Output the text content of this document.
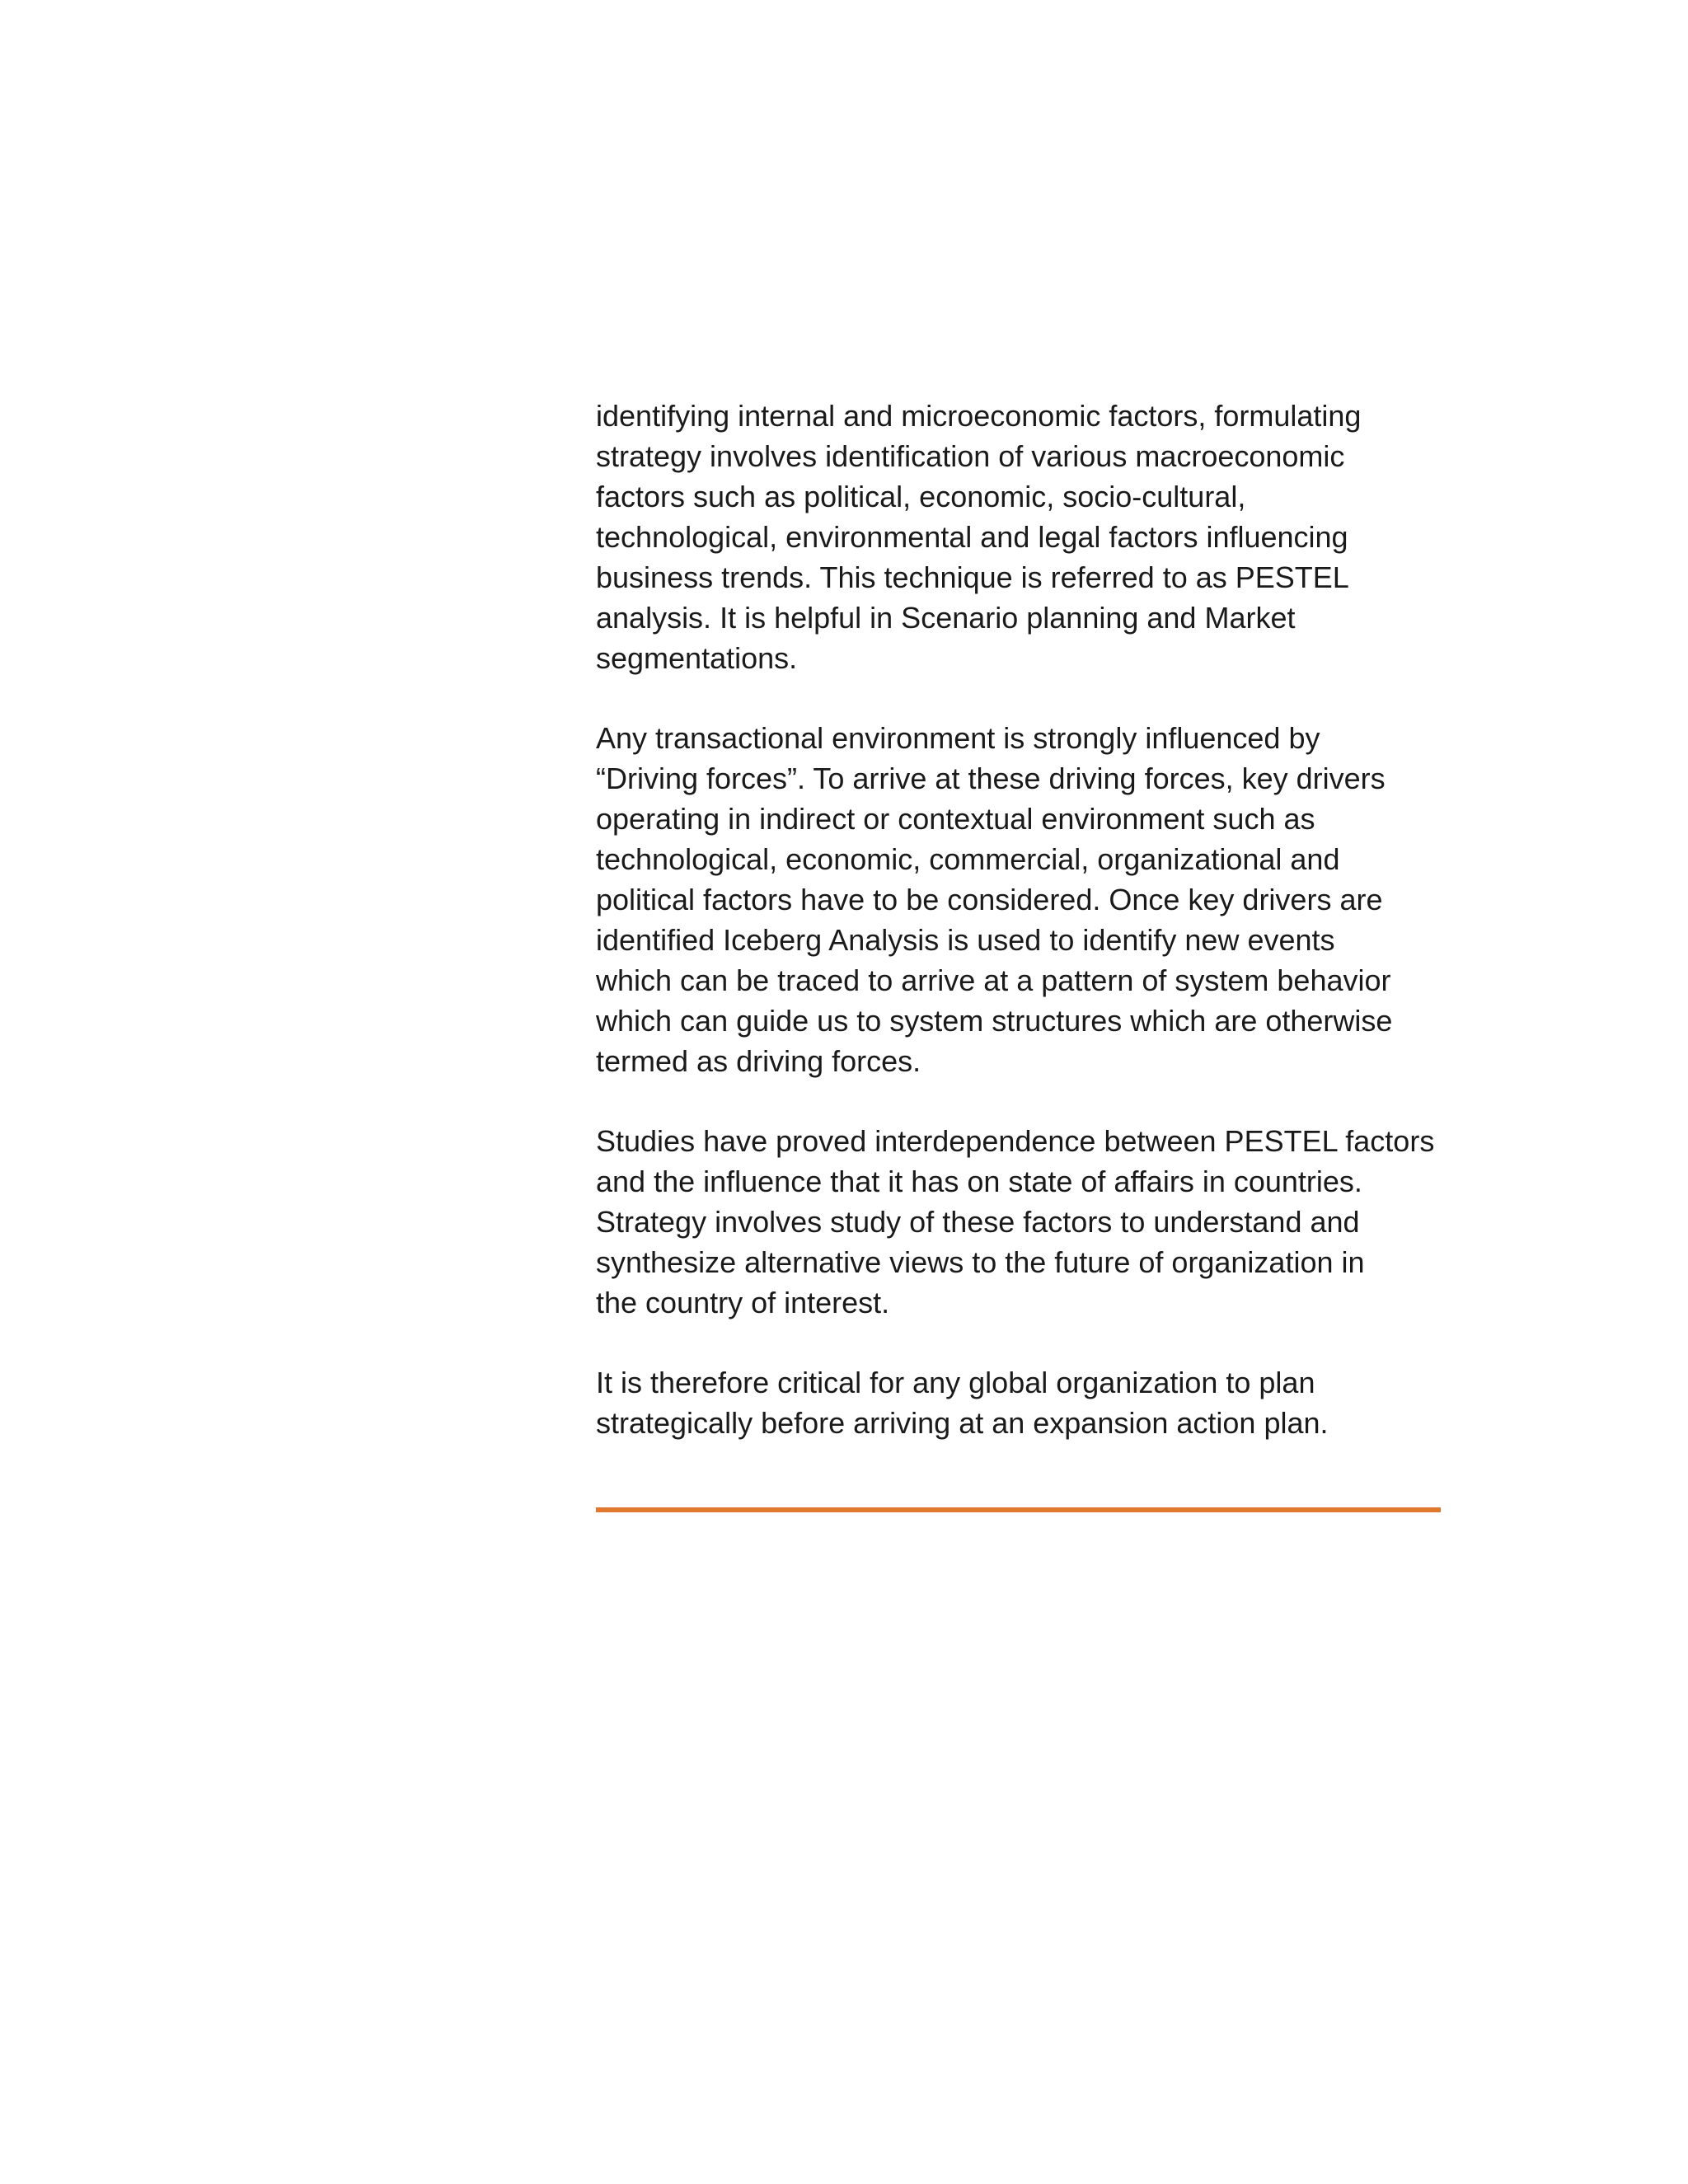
identifying internal and microeconomic factors, formulating
strategy involves identification of various macroeconomic
factors such as political, economic, socio-cultural,
technological, environmental and legal factors influencing
business trends. This technique is referred to as PESTEL
analysis. It is helpful in Scenario planning and Market
segmentations.

Any transactional environment is strongly influenced by
“Driving forces”. To arrive at these driving forces, key drivers
operating in indirect or contextual environment such as
technological, economic, commercial, organizational and
political factors have to be considered. Once key drivers are
identified Iceberg Analysis is used to identify new events
which can be traced to arrive at a pattern of system behavior
which can guide us to system structures which are otherwise
termed as driving forces.

Studies have proved interdependence between PESTEL factors
and the influence that it has on state of affairs in countries.
Strategy involves study of these factors to understand and
synthesize alternative views to the future of organization in
the country of interest.

It is therefore critical for any global organization to plan
strategically before arriving at an expansion action plan.
